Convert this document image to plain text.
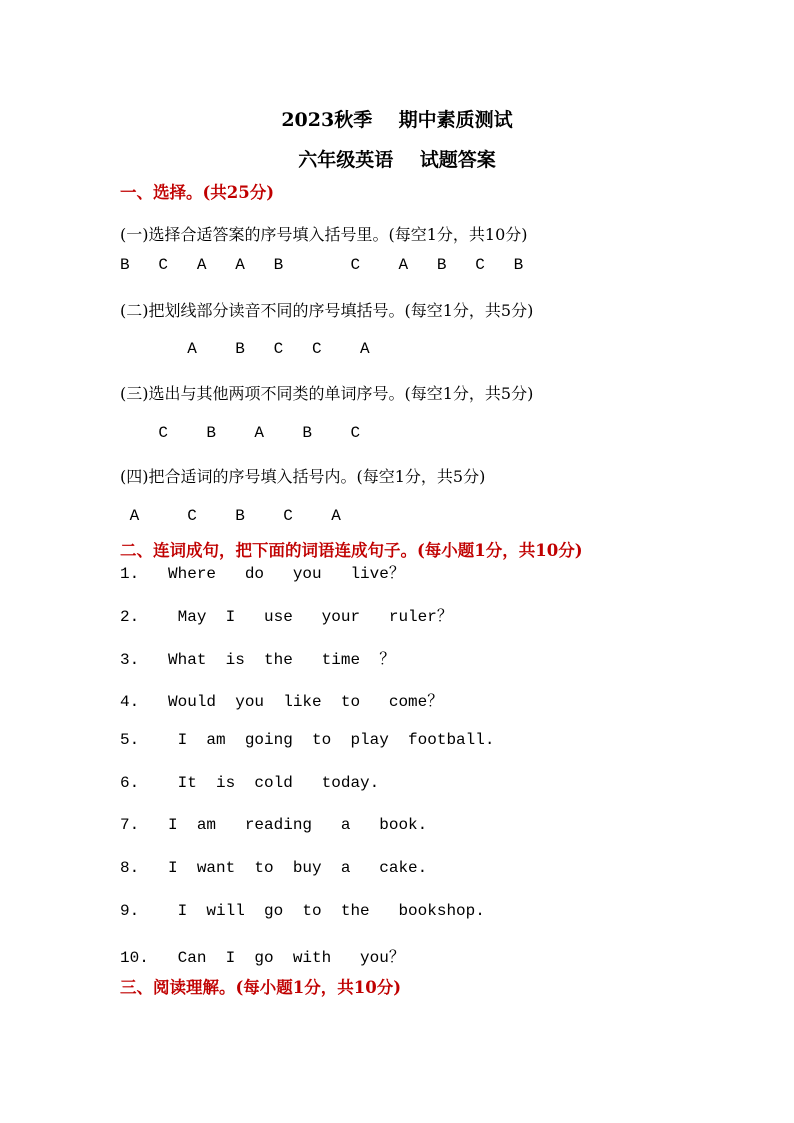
2023秋季    期中素质测试
六年级英语    试题答案
一、选择。(共25分)
(一)选择合适答案的序号填入括号里。(每空1分，共10分)
B   C   A   A   B       C    A   B   C   B
(二)把划线部分读音不同的序号填括号。(每空1分，共5分)
A    B   C   C    A
(三)选出与其他两项不同类的单词序号。(每空1分，共5分)
C    B    A    B    C
(四)把合适词的序号填入括号内。(每空1分，共5分)
A     C    B    C    A
二、连词成句，把下面的词语连成句子。(每小题1分，共10分)
1.   Where   do   you   live？
2.    May  I   use   your   ruler？
3.   What  is  the   time  ？
4.   Would  you  like  to   come？
5.    I  am  going  to  play  football.
6.    It  is  cold   today.
7.   I  am   reading   a   book.
8.   I  want  to  buy  a   cake.
9.    I  will  go  to  the   bookshop.
10.   Can  I  go  with   you？
三、阅读理解。(每小题1分，共10分)
